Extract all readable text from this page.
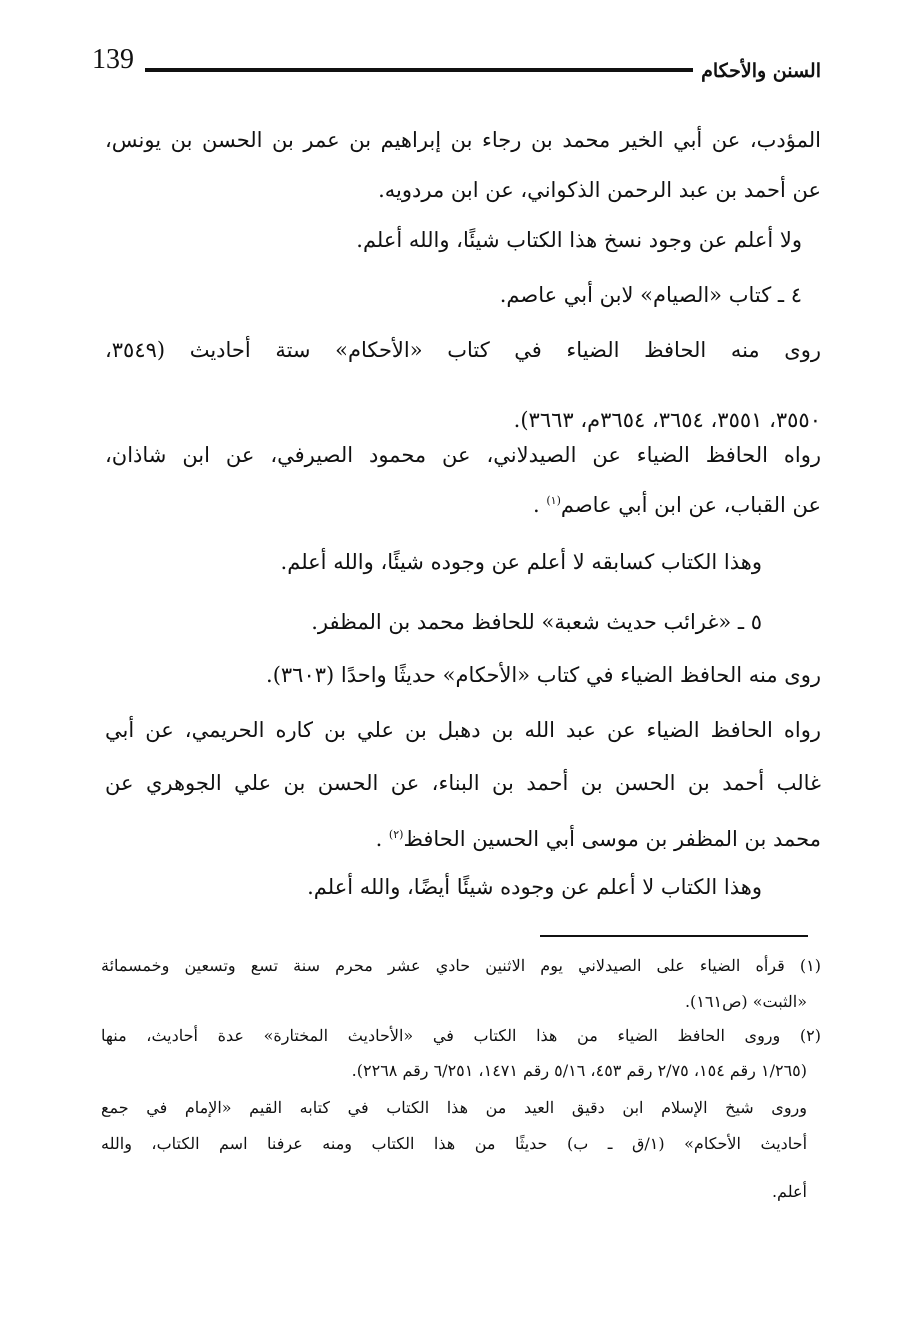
139	السنن والأحكام
المؤدب، عن أبي الخير محمد بن رجاء بن إبراهيم بن عمر بن الحسن بن يونس،
عن أحمد بن عبد الرحمن الذكواني، عن ابن مردويه.
ولا أعلم عن وجود نسخ هذا الكتاب شيئًا، والله أعلم.
٤ ـ كتاب «الصيام» لابن أبي عاصم.
روى منه الحافظ الضياء في كتاب «الأحكام» ستة أحاديث (٣٥٤٩،
٣٥٥٠، ٣٥٥١، ٣٦٥٤، ٣٦٥٤م، ٣٦٦٣).
رواه الحافظ الضياء عن الصيدلاني، عن محمود الصيرفي، عن ابن شاذان،
عن القباب، عن ابن أبي عاصم$^{(١)}$ .
وهذا الكتاب كسابقه لا أعلم عن وجوده شيئًا، والله أعلم.
٥ ـ «غرائب حديث شعبة» للحافظ محمد بن المظفر.
روى منه الحافظ الضياء في كتاب «الأحكام» حديثًا واحدًا (٣٦٠٣).
رواه الحافظ الضياء عن عبد الله بن دهبل بن علي بن كاره الحريمي، عن أبي
غالب أحمد بن الحسن بن أحمد بن البناء، عن الحسن بن علي الجوهري عن
محمد بن المظفر بن موسى أبي الحسين الحافظ$^{(٢)}$ .
وهذا الكتاب لا أعلم عن وجوده شيئًا أيضًا، والله أعلم.
(١) قرأه الضياء على الصيدلاني يوم الاثنين حادي عشر محرم سنة تسع وتسعين وخمسمائة
«الثبت» (ص١٦١).
(٢) وروى الحافظ الضياء من هذا الكتاب في «الأحاديث المختارة» عدة أحاديث، منها
(١/٢٦٥ رقم ١٥٤، ٢/٧٥ رقم ٤٥٣، ٥/١٦ رقم ١٤٧١، ٦/٢٥١ رقم ٢٢٦٨).
وروى شيخ الإسلام ابن دقيق العيد من هذا الكتاب في كتابه القيم «الإمام في جمع
أحاديث الأحكام» (١/ق ـ ب) حديثًا من هذا الكتاب ومنه عرفنا اسم الكتاب، والله
أعلم.
